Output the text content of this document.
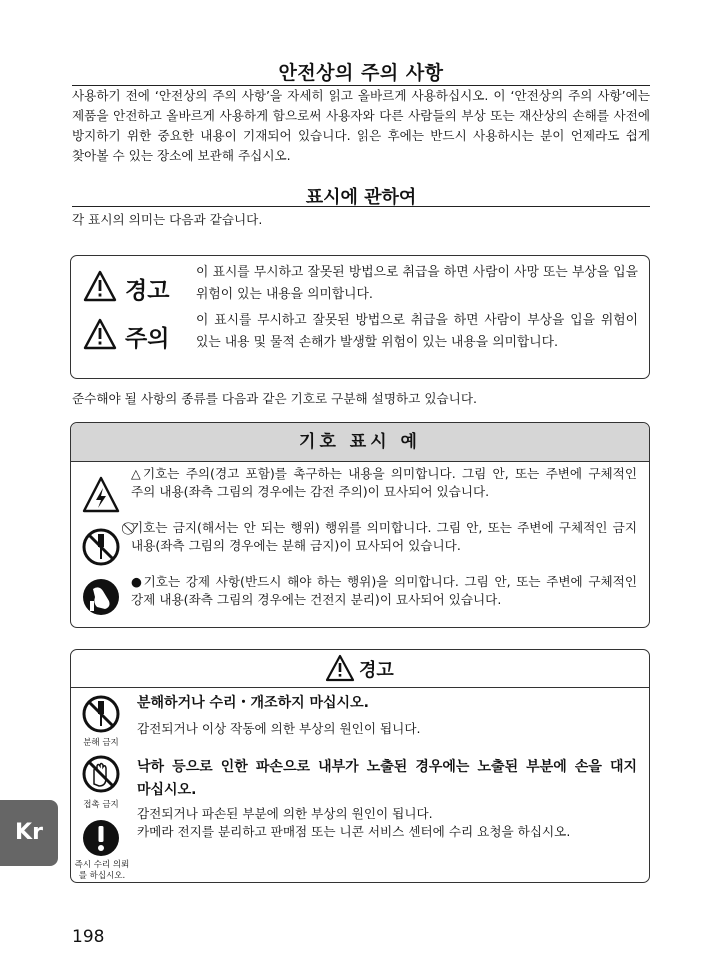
안전상의 주의 사항
사용하기 전에 ‘안전상의 주의 사항’을 자세히 읽고 올바르게 사용하십시오. 이 ‘안전상의 주의 사항’에는 제품을 안전하고 올바르게 사용하게 함으로써 사용자와 다른 사람들의 부상 또는 재산상의 손해를 사전에 방지하기 위한 중요한 내용이 기재되어 있습니다. 읽은 후에는 반드시 사용하시는 분이 언제라도 쉽게 찾아볼 수 있는 장소에 보관해 주십시오.
표시에 관하여
각 표시의 의미는 다음과 같습니다.
경고
이 표시를 무시하고 잘못된 방법으로 취급을 하면 사람이 사망 또는 부상을 입을 위험이 있는 내용을 의미합니다.
주의
이 표시를 무시하고 잘못된 방법으로 취급을 하면 사람이 부상을 입을 위험이 있는 내용 및 물적 손해가 발생할 위험이 있는 내용을 의미합니다.
준수해야 될 사항의 종류를 다음과 같은 기호로 구분해 설명하고 있습니다.
기호 표시 예
△기호는 주의(경고 포함)를 촉구하는 내용을 의미합니다. 그림 안, 또는 주변에 구체적인 주의 내용(좌측 그림의 경우에는 감전 주의)이 묘사되어 있습니다.
⃠기호는 금지(해서는 안 되는 행위) 행위를 의미합니다. 그림 안, 또는 주변에 구체적인 금지 내용(좌측 그림의 경우에는 분해 금지)이 묘사되어 있습니다.
●기호는 강제 사항(반드시 해야 하는 행위)을 의미합니다. 그림 안, 또는 주변에 구체적인 강제 내용(좌측 그림의 경우에는 건전지 분리)이 묘사되어 있습니다.
경고
분해 금지
분해하거나 수리・개조하지 마십시오.
감전되거나 이상 작동에 의한 부상의 원인이 됩니다.
접촉 금지
낙하 등으로 인한 파손으로 내부가 노출된 경우에는 노출된 부분에 손을 대지 마십시오.
감전되거나 파손된 부분에 의한 부상의 원인이 됩니다.
카메라 전지를 분리하고 판매점 또는 니콘 서비스 센터에 수리 요청을 하십시오.
즉시 수리 의뢰를 하십시오.
Kr
198
